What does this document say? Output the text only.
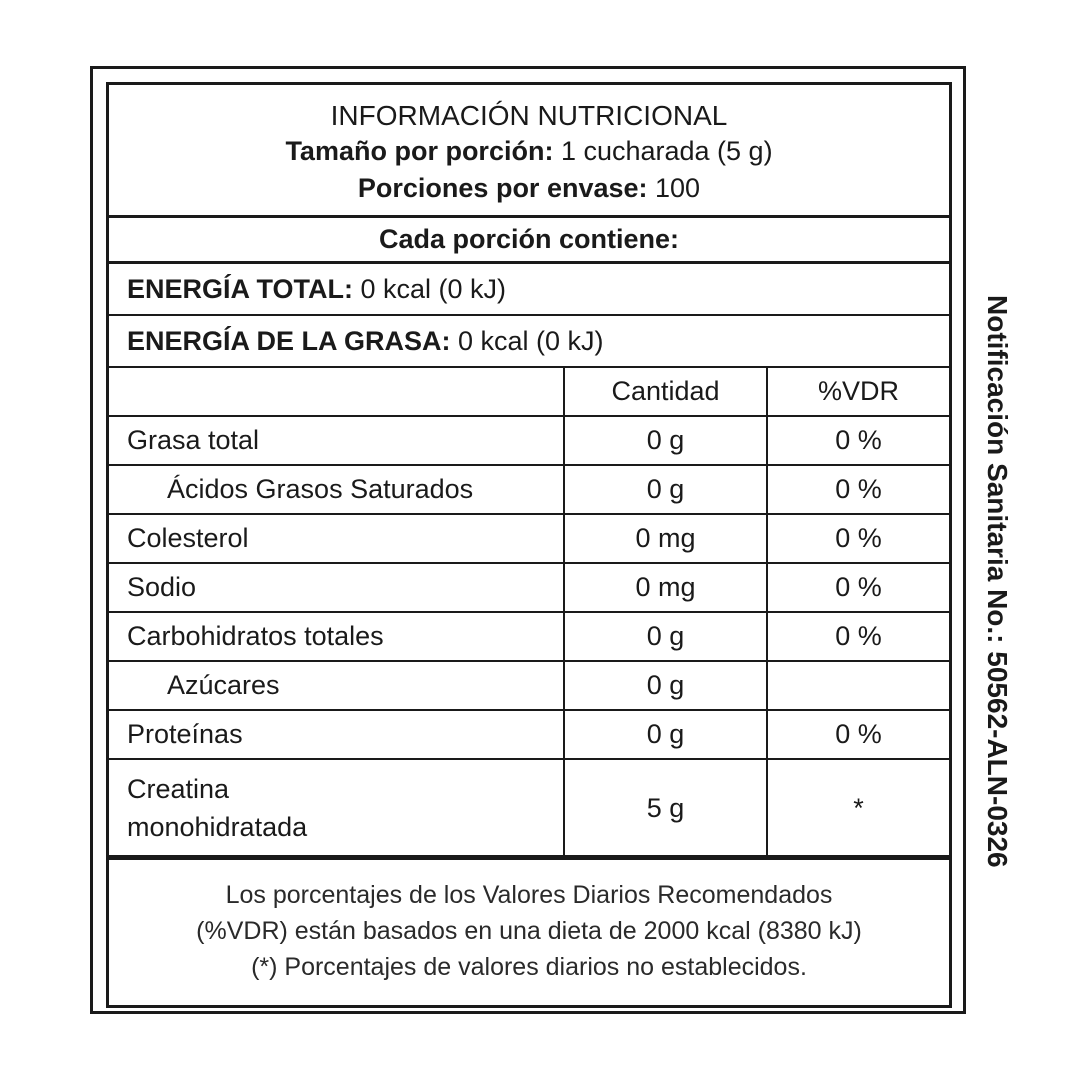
INFORMACIÓN NUTRICIONAL
Tamaño por porción: 1 cucharada (5 g)
Porciones por envase: 100
Cada porción contiene:
ENERGÍA TOTAL: 0 kcal (0 kJ)
ENERGÍA DE LA GRASA: 0 kcal (0 kJ)
	Cantidad	%VDR
Grasa total	0 g	0 %
Ácidos Grasos Saturados	0 g	0 %
Colesterol	0 mg	0 %
Sodio	0 mg	0 %
Carbohidratos totales	0 g	0 %
Azúcares	0 g	
Proteínas	0 g	0 %

Creatina
monohidratada	5 g	*
Los porcentajes de los Valores Diarios Recomendados
(%VDR) están basados en una dieta de 2000 kcal (8380 kJ)
(*) Porcentajes de valores diarios no establecidos.
Notificación Sanitaria No.: 50562-ALN-0326
